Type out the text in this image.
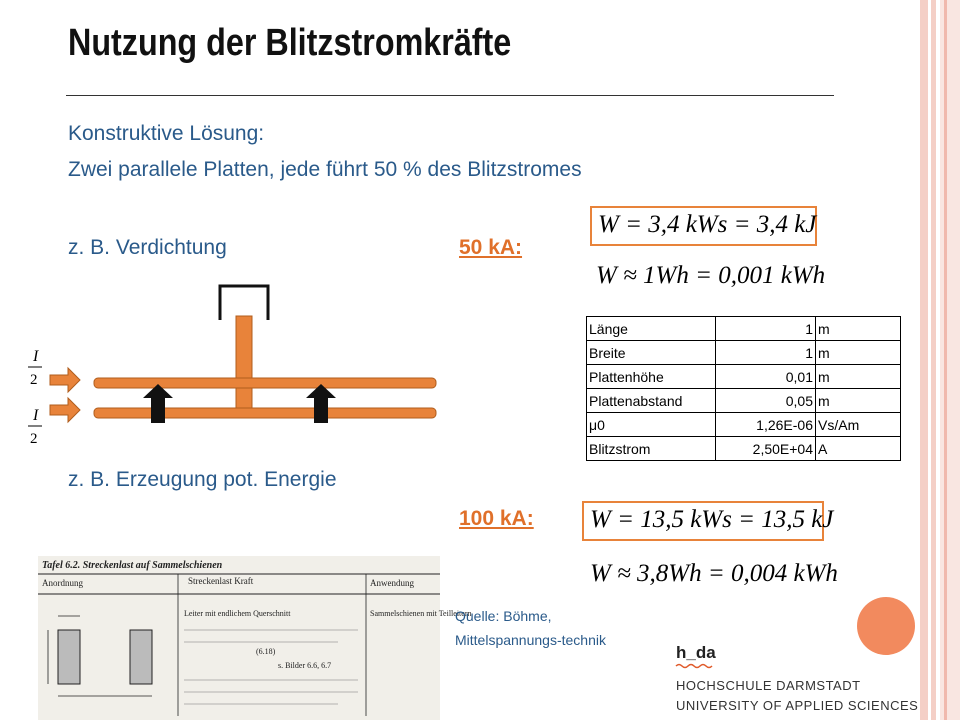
Nutzung der Blitzstromkräfte
Konstruktive Lösung:
Zwei parallele Platten, jede führt 50 % des Blitzstromes
z. B. Verdichtung	50 kA:
z. B. Erzeugung pot. Energie
100 kA:
W = 3,4 kWs = 3,4 kJ
W ≈ 1Wh = 0,001 kWh
W = 13,5 kWs = 13,5 kJ
W ≈ 3,8Wh = 0,004 kWh
I
2
I
2
Länge	1	m
Breite	1	m
Plattenhöhe	0,01	m
Plattenabstand	0,05	m
μ0	1,26E-06	Vs/Am
Blitzstrom	2,50E+04	A
Tafel 6.2. Streckenlast auf Sammelschienen
Anordnung	Streckenlast Kraft	Anwendung
Leiter mit endlichem Querschnitt
(6.18)
s. Bilder 6.6, 6.7
Sammelschienen mit Teilleitern
Quelle: Böhme, Mittelspannungs-technik
h_da
HOCHSCHULE DARMSTADT
UNIVERSITY OF APPLIED SCIENCES
